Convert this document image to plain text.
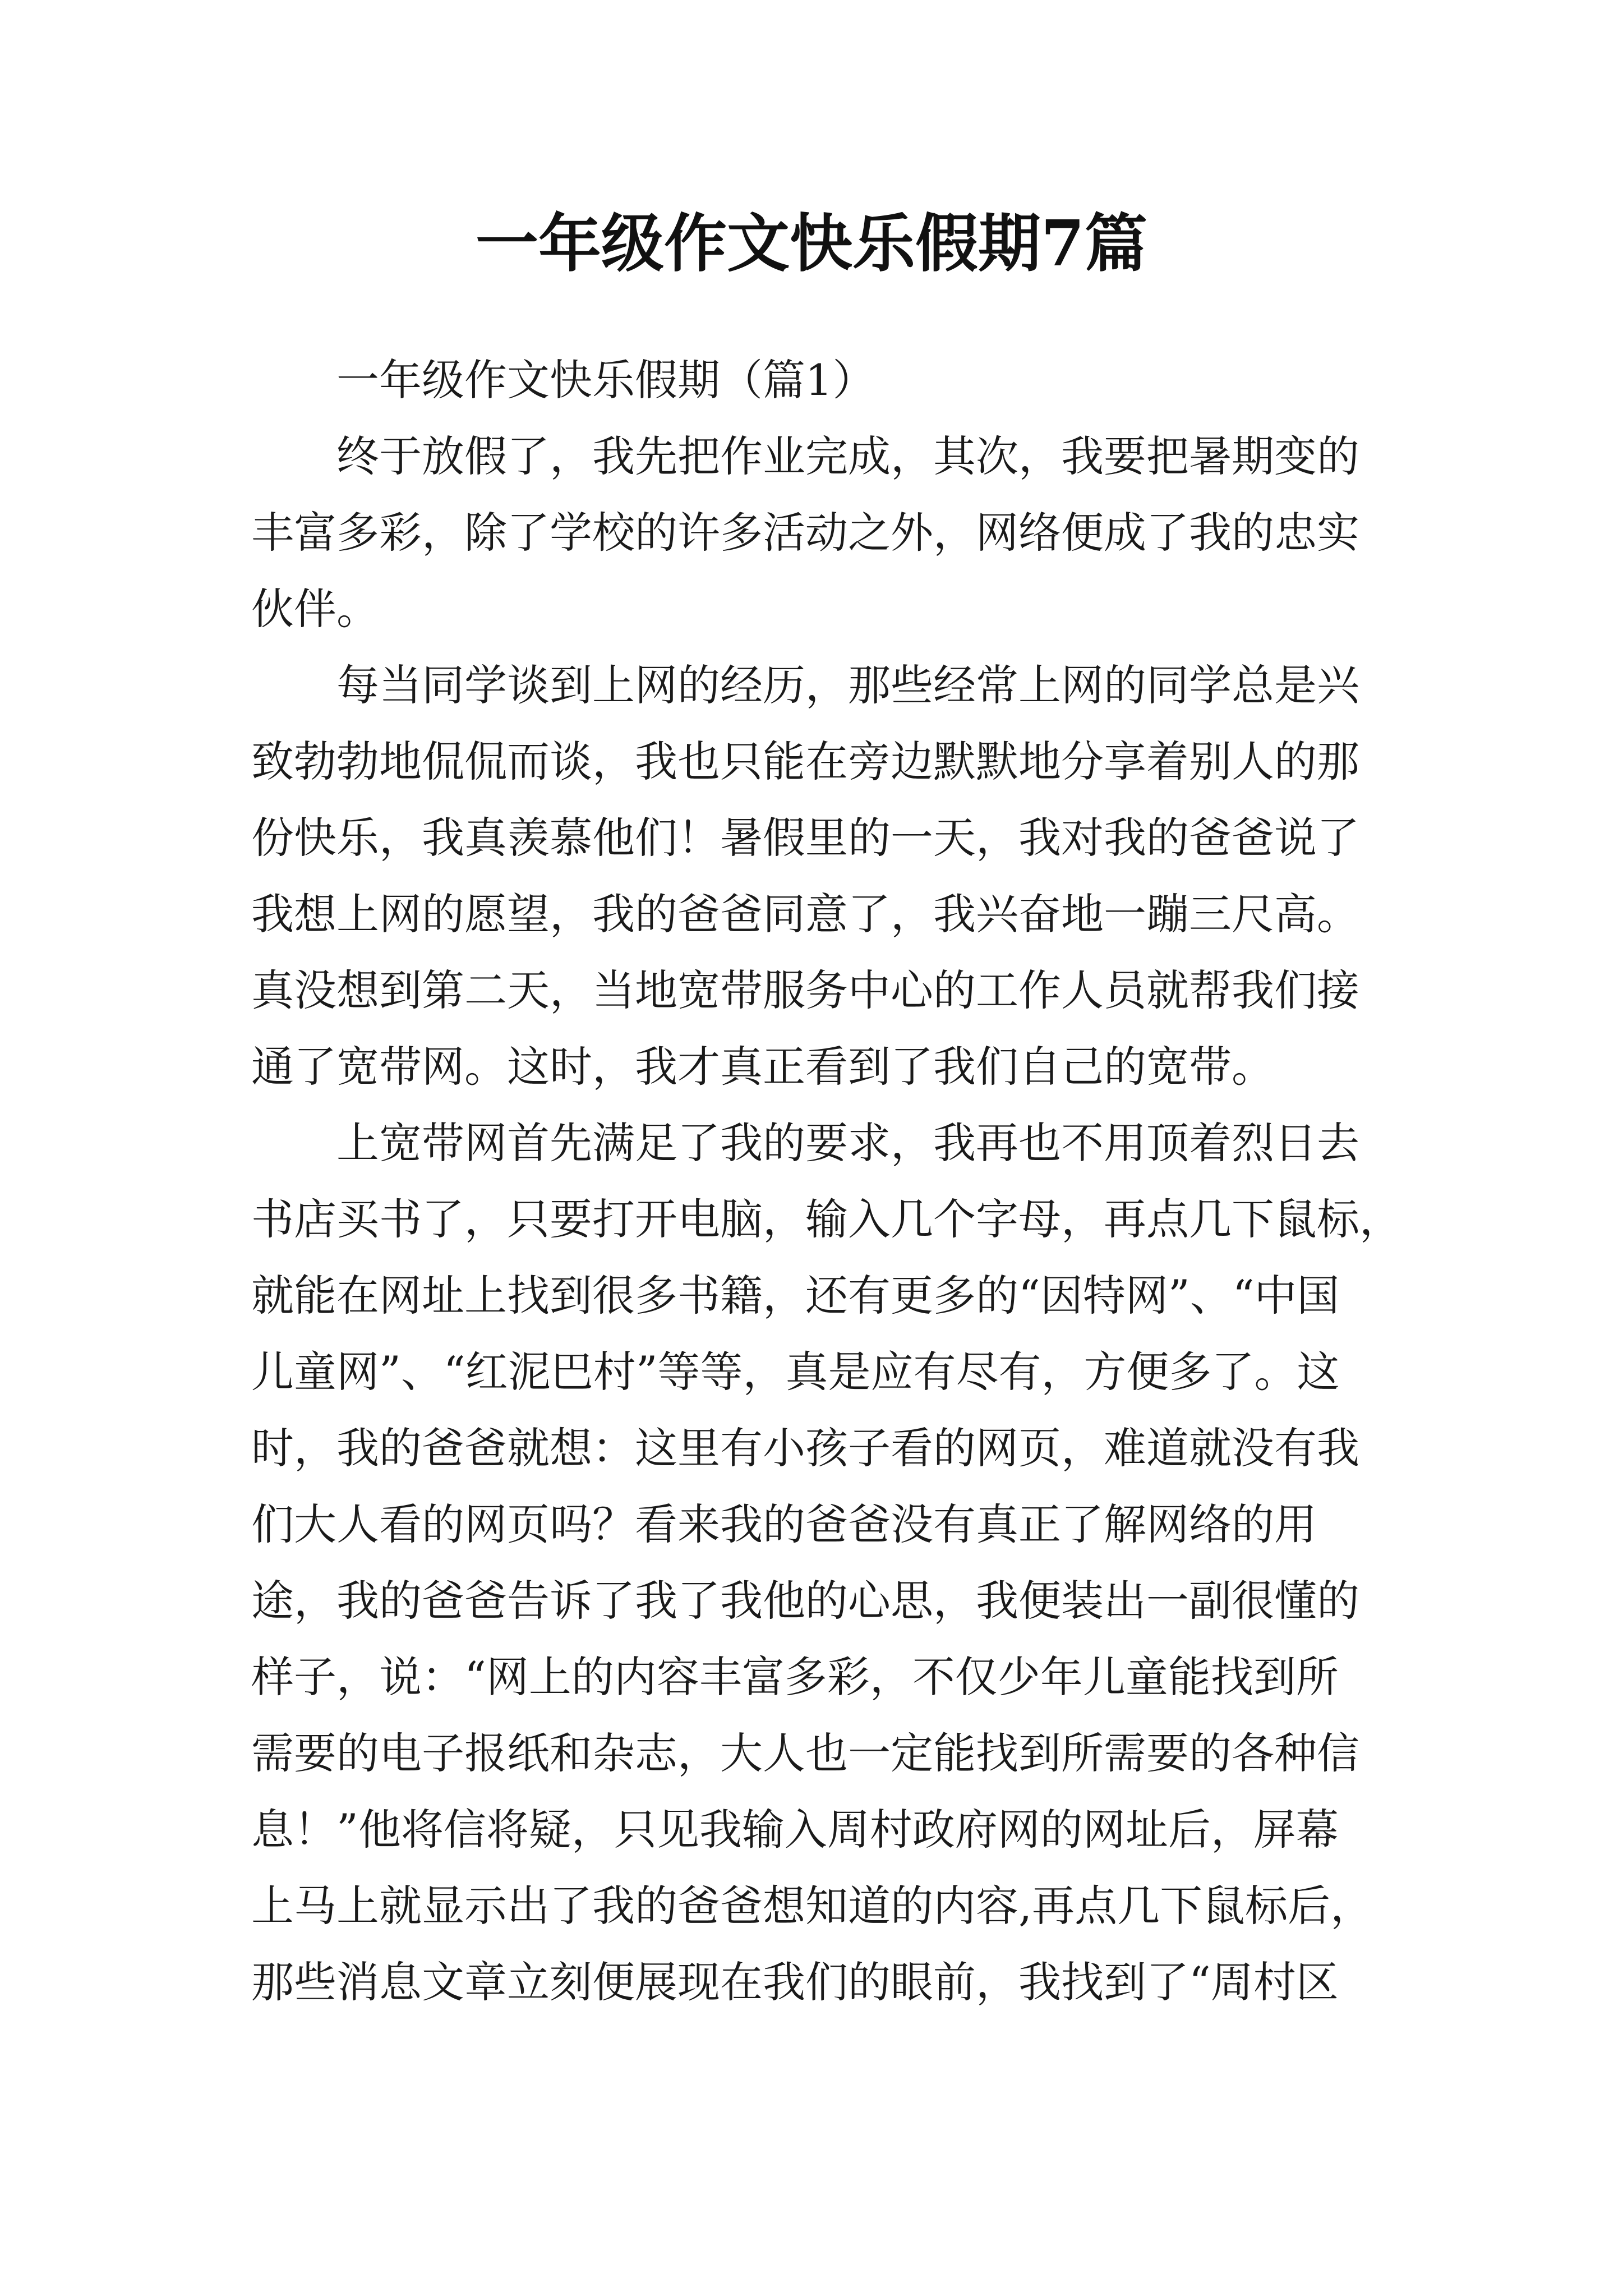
一年级作文快乐假期7篇
一年级作文快乐假期（篇1）
终于放假了，我先把作业完成，其次，我要把暑期变的
丰富多彩，除了学校的许多活动之外，网络便成了我的忠实
伙伴。
每当同学谈到上网的经历，那些经常上网的同学总是兴
致勃勃地侃侃而谈，我也只能在旁边默默地分享着别人的那
份快乐，我真羡慕他们！暑假里的一天，我对我的爸爸说了
我想上网的愿望，我的爸爸同意了，我兴奋地一蹦三尺高。
真没想到第二天，当地宽带服务中心的工作人员就帮我们接
通了宽带网。这时，我才真正看到了我们自己的宽带。
上宽带网首先满足了我的要求，我再也不用顶着烈日去
书店买书了，只要打开电脑，输入几个字母，再点几下鼠标，
就能在网址上找到很多书籍，还有更多的“因特网”、“中国
儿童网”、“红泥巴村”等等，真是应有尽有，方便多了。这
时，我的爸爸就想：这里有小孩子看的网页，难道就没有我
们大人看的网页吗？看来我的爸爸没有真正了解网络的用
途，我的爸爸告诉了我了我他的心思，我便装出一副很懂的
样子，说：“网上的内容丰富多彩，不仅少年儿童能找到所
需要的电子报纸和杂志，大人也一定能找到所需要的各种信
息！”他将信将疑，只见我输入周村政府网的网址后，屏幕
上马上就显示出了我的爸爸想知道的内容,再点几下鼠标后，
那些消息文章立刻便展现在我们的眼前，我找到了“周村区
